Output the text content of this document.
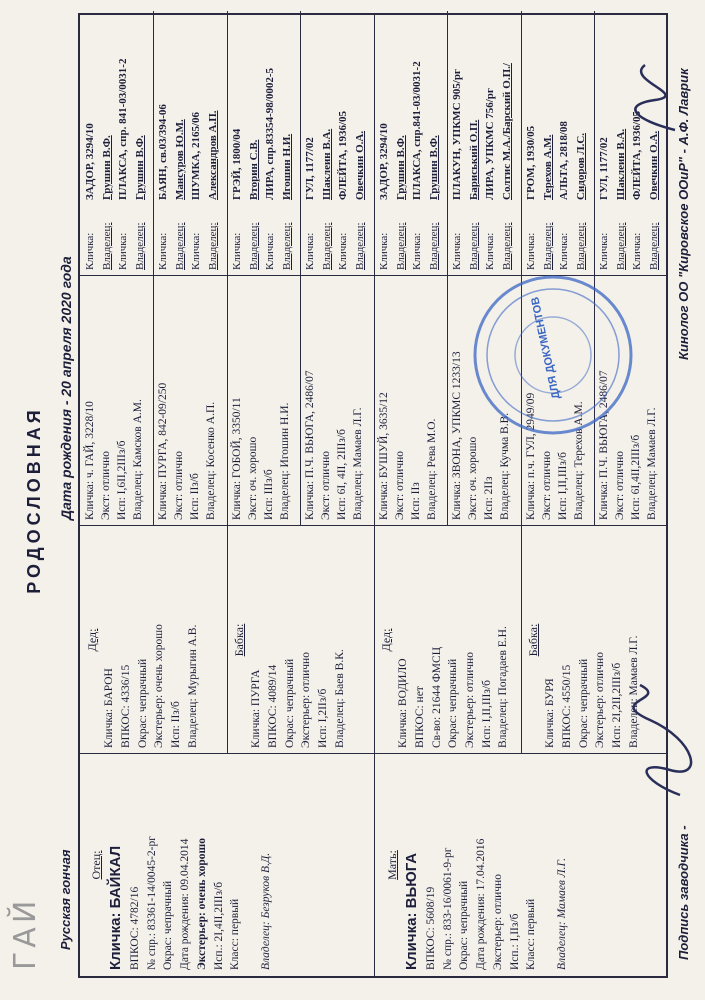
ГАЙ
РОДОСЛОВНАЯ
Русская гончая
Дата рождения - 20 апреля 2020 года
Отец: Кличка: БАЙКАЛ ВПКОС: 4782/16 № спр.: 83361-14/0045-2-рг Окрас: чепрачный Дата рождения: 09.04.2014 Экстерьер: очень хорошо Исп.: 2I,4II,2IIIз/б Класс: первый Владелец: Безруков В.Д.	Мать: Кличка: ВЬЮГА ВПКОС: 5608/19 № спр.: 833-16/0061-9-рг Окрас: чепрачный Дата рождения: 17.04.2016 Экстерьер: отлично Исп.: I,IIз/б Класс: первый Владелец: Мамаев Л.Г.
Дед:
Кличка: БАРОН ВПКОС: 4336/15 Окрас: чепрачный Экстерьер: очень хорошо Исп: IIз/б Владелец: Мурыгин А.В.	Бабка:
Кличка: ПУРГА ВПКОС: 4089/14 Окрас: чепрачный Экстерьер: отлично Исп: I,2IIз/б Владелец: Баев В.К.
Дед:
Кличка: ВОДИЛО ВПКОС: нет Св-во: 21644 ФМСЦ Окрас: чепрачный Экстерьер: отлично Исп: I,II,IIIз/б Владелец: Погадаев Е.Н. Бабка:
Кличка: БУРЯ ВПКОС: 4550/15 Окрас: чепрачный Экстерьер: отлично Исп: 2I,2II,2IIIз/б Владелец: Мамаев Л.Г.
Кличка: ч. ГАЙ, 3228/10 Экст: отлично Исп: I,6II,2IIIз/б Владелец: Камсков А.М. Кличка: ПУРГА, 842-09/250 Экст: отлично Исп: IIз/б Владелец: Косенко А.П. Кличка: ГОБОЙ, 3350/11 Экст: оч. хорошо Исп: IIIз/б Владелец: Игошин Н.И. Кличка: П.Ч. ВЬЮГА, 2486/07 Экст: отлично Исп: 6I, 4II, 2IIIз/б Владелец: Мамаев Л.Г. Кличка: БУШУЙ, 3635/12 Экст: отлично Исп: IIз Владелец: Рева М.О. Кличка: ЗВОНА, УПКМС 1233/13 Экст: оч. хорошо Исп: 2IIз Владелец: Кучма В.В. Кличка: п.ч. ГУЛ, 2949/09 Экст: отлично Исп: I,II,IIIз/б Владелец: Терехов А.М. Кличка: П.Ч. ВЬЮГА, 2486/07 Экст: отлично Исп: 6I,4II,2IIIз/б Владелец: Мамаев Л.Г.
Кличка:
ЗАДОР, 3294/10
Владелец:
Грушин В.Ф.
Кличка:
ПЛАКСА, спр. 841-03/0031-2
Владелец:
Грушин В.Ф.
Кличка:
БАЯН, св.03/394-06
Владелец:
Мансуров Ю.М.
Кличка:
ШУМКА, 2165/06
Владелец:
Александров А.П.
Кличка:
ГРЭЙ, 1800/04
Владелец:
Вторин С.В.
Кличка:
ЛИРА, спр.83354-98/0002-5
Владелец:
Игошин Н.И.
Кличка:
ГУЛ, 1177/02
Владелец:
Шаклеин В.А.
Кличка:
ФЛЕЙТА, 1936/05
Владелец:
Овечкин О.А.
Кличка:
ЗАДОР, 3294/10
Владелец:
Грушин В.Ф.
Кличка:
ПЛАКСА, спр.841-03/0031-2
Владелец:
Грушин В.Ф.
Кличка:
ПЛАКУН, УПКМС 905/рг
Владелец:
Бариський О.П.
Кличка:
ЛИРА, УПКМС 756/рг
Владелец:
Солтис М.А./Барский О.П./
Кличка:
ГРОМ, 1930/05
Владелец:
Терехов А.М.
Кличка:
АЛЬТА, 2818/08
Владелец:
Сидоров Л.С.
Кличка:
ГУЛ, 1177/02
Владелец:
Шаклеин В.А.
Кличка:
ФЛЕЙТА, 1936/05
Владелец:
Овечкин О.А.
ДЛЯ ДОКУМЕНТОВ
Подпись заводчика -
Кинолог ОО "Кировское ООиР" - А.Ф. Лаврик
